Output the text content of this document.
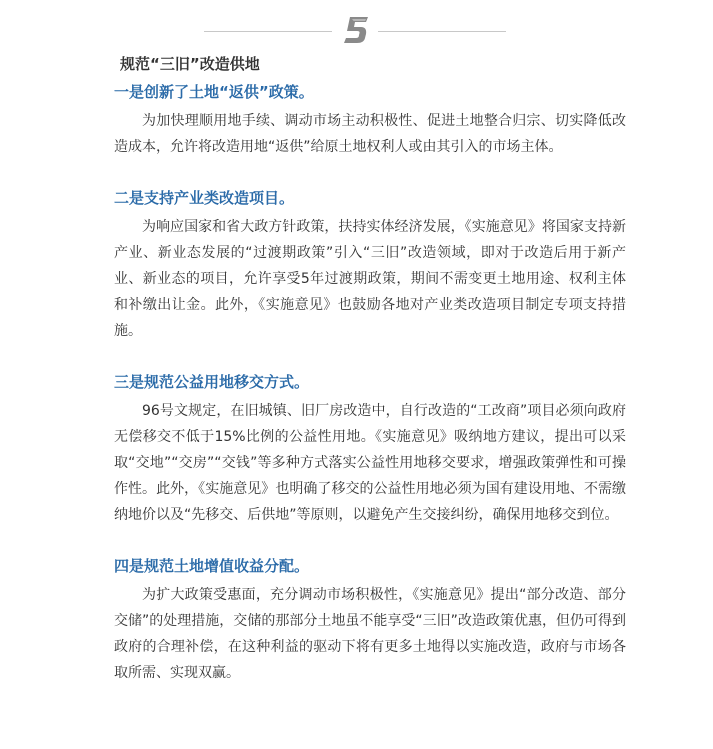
规范“三旧”改造供地
一是创新了土地“返供”政策。
为加快理顺用地手续、调动市场主动积极性、促进土地整合归宗、切实降低改造成本，允许将改造用地“返供”给原土地权利人或由其引入的市场主体。
二是支持产业类改造项目。
为响应国家和省大政方针政策，扶持实体经济发展，《实施意见》将国家支持新产业、新业态发展的“过渡期政策”引入“三旧”改造领域，即对于改造后用于新产业、新业态的项目，允许享受5年过渡期政策，期间不需变更土地用途、权利主体和补缴出让金。此外，《实施意见》也鼓励各地对产业类改造项目制定专项支持措施。
三是规范公益用地移交方式。
96号文规定，在旧城镇、旧厂房改造中，自行改造的“工改商”项目必须向政府无偿移交不低于15%比例的公益性用地。《实施意见》吸纳地方建议，提出可以采取“交地”“交房”“交钱”等多种方式落实公益性用地移交要求，增强政策弹性和可操作性。此外，《实施意见》也明确了移交的公益性用地必须为国有建设用地、不需缴纳地价以及“先移交、后供地”等原则，以避免产生交接纠纷，确保用地移交到位。
四是规范土地增值收益分配。
为扩大政策受惠面，充分调动市场积极性，《实施意见》提出“部分改造、部分交储”的处理措施，交储的那部分土地虽不能享受“三旧”改造政策优惠，但仍可得到政府的合理补偿，在这种利益的驱动下将有更多土地得以实施改造，政府与市场各取所需、实现双赢。
